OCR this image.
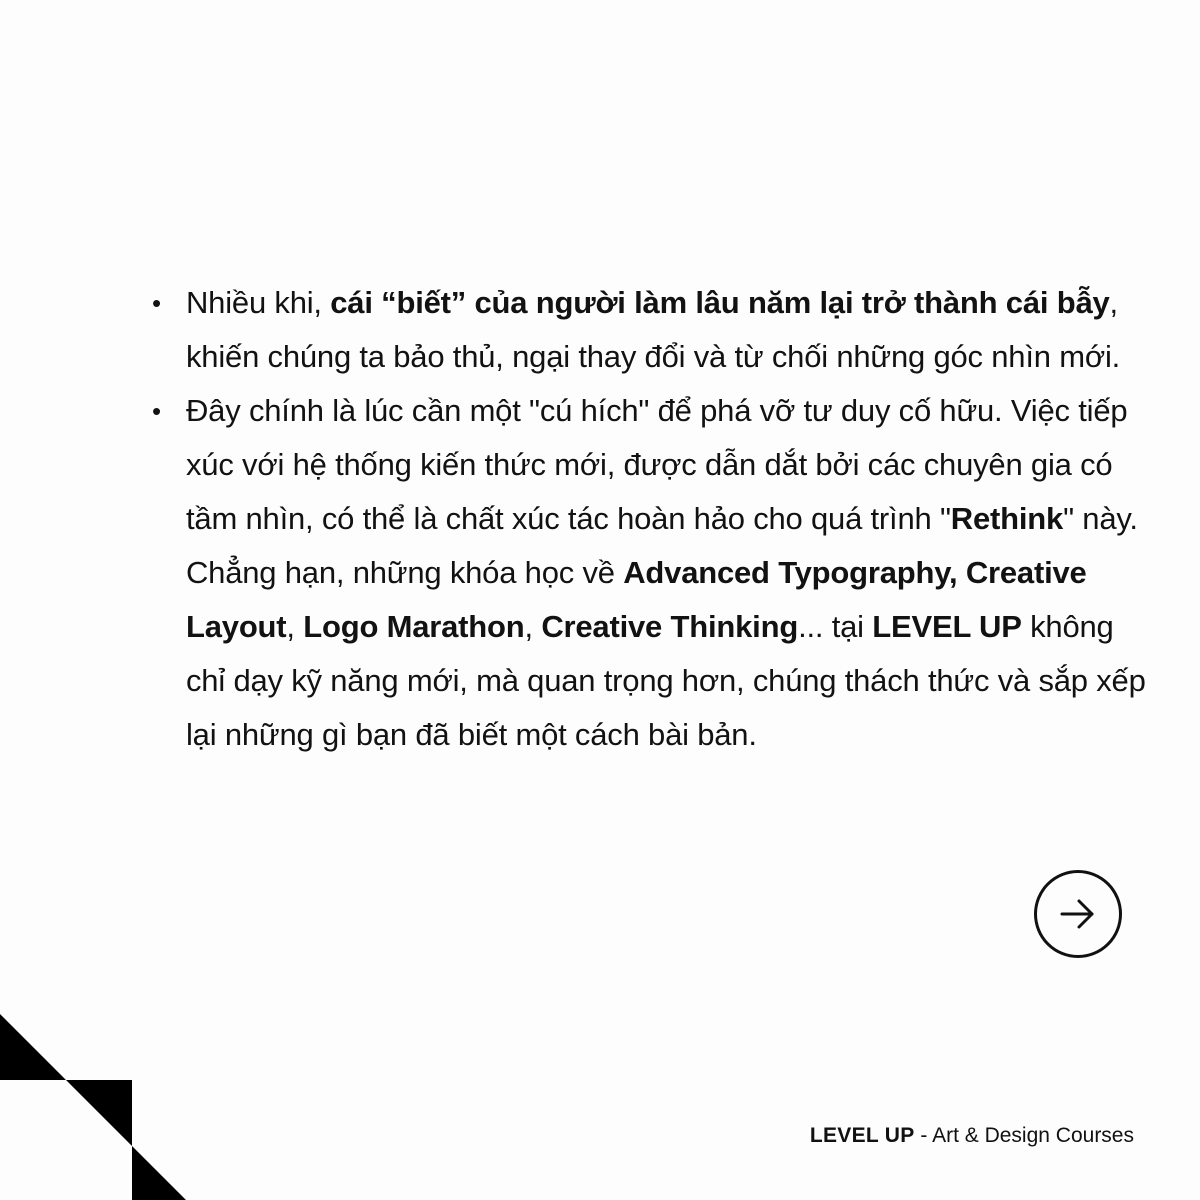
• Nhiều khi, cái “biết” của người làm lâu năm lại trở thành cái bẫy, khiến chúng ta bảo thủ, ngại thay đổi và từ chối những góc nhìn mới.
• Đây chính là lúc cần một "cú hích" để phá vỡ tư duy cố hữu. Việc tiếp xúc với hệ thống kiến thức mới, được dẫn dắt bởi các chuyên gia có tầm nhìn, có thể là chất xúc tác hoàn hảo cho quá trình "Rethink" này. Chẳng hạn, những khóa học về Advanced Typography, Creative Layout, Logo Marathon, Creative Thinking... tại LEVEL UP không chỉ dạy kỹ năng mới, mà quan trọng hơn, chúng thách thức và sắp xếp lại những gì bạn đã biết một cách bài bản.
LEVEL UP - Art & Design Courses
